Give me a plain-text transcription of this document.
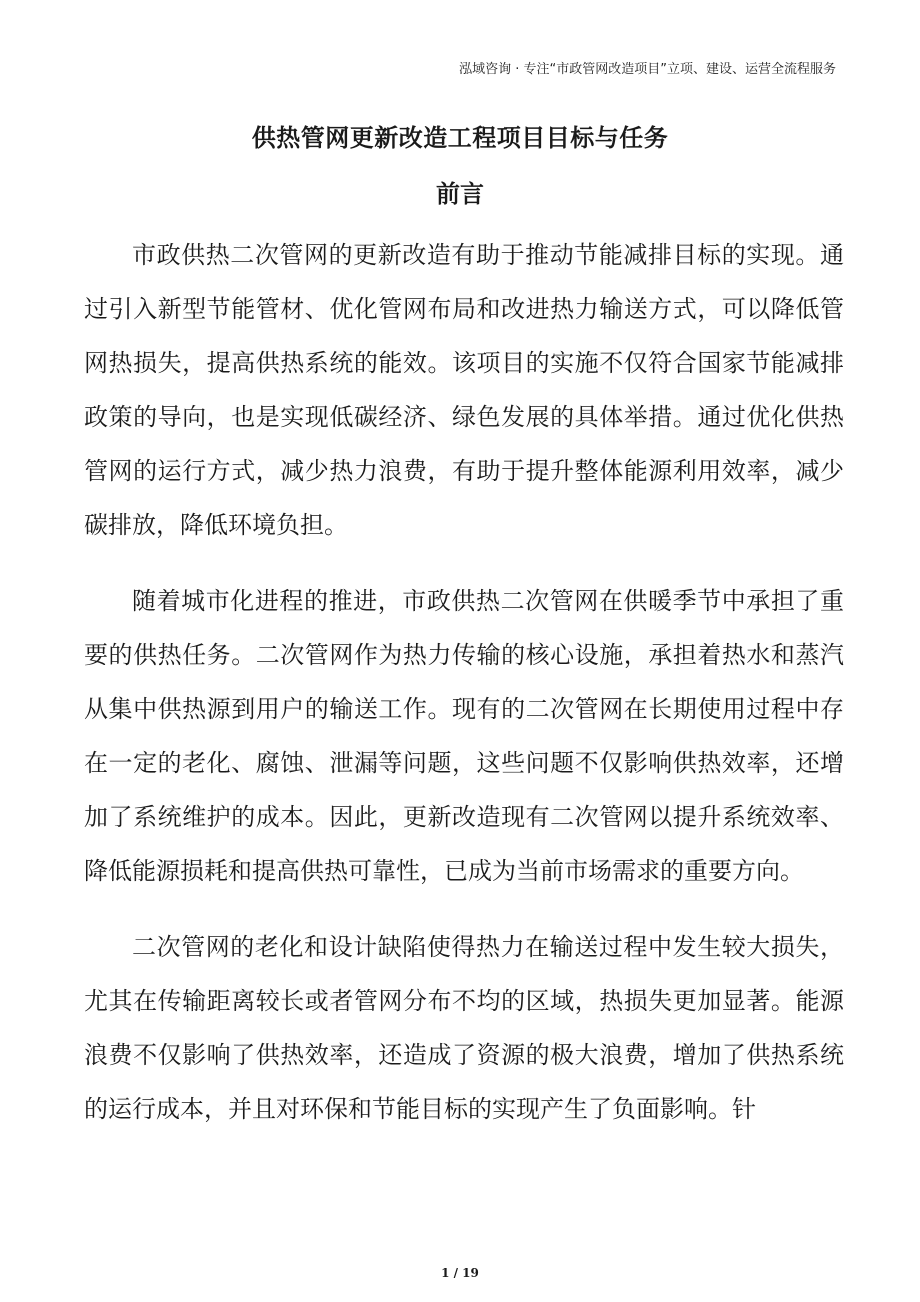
泓域咨询 · 专注“市政管网改造项目”立项、建设、运营全流程服务
供热管网更新改造工程项目目标与任务
前言

市政供热二次管网的更新改造有助于推动节能减排目标的实现。通过引入新型节能管材、优化管网布局和改进热力输送方式，可以降低管网热损失，提高供热系统的能效。该项目的实施不仅符合国家节能减排政策的导向，也是实现低碳经济、绿色发展的具体举措。通过优化供热管网的运行方式，减少热力浪费，有助于提升整体能源利用效率，减少碳排放，降低环境负担。

随着城市化进程的推进，市政供热二次管网在供暖季节中承担了重要的供热任务。二次管网作为热力传输的核心设施，承担着热水和蒸汽从集中供热源到用户的输送工作。现有的二次管网在长期使用过程中存在一定的老化、腐蚀、泄漏等问题，这些问题不仅影响供热效率，还增加了系统维护的成本。因此，更新改造现有二次管网以提升系统效率、降低能源损耗和提高供热可靠性，已成为当前市场需求的重要方向。

二次管网的老化和设计缺陷使得热力在输送过程中发生较大损失，尤其在传输距离较长或者管网分布不均的区域，热损失更加显著。能源浪费不仅影响了供热效率，还造成了资源的极大浪费，增加了供热系统的运行成本，并且对环保和节能目标的实现产生了负面影响。针

1 / 19
